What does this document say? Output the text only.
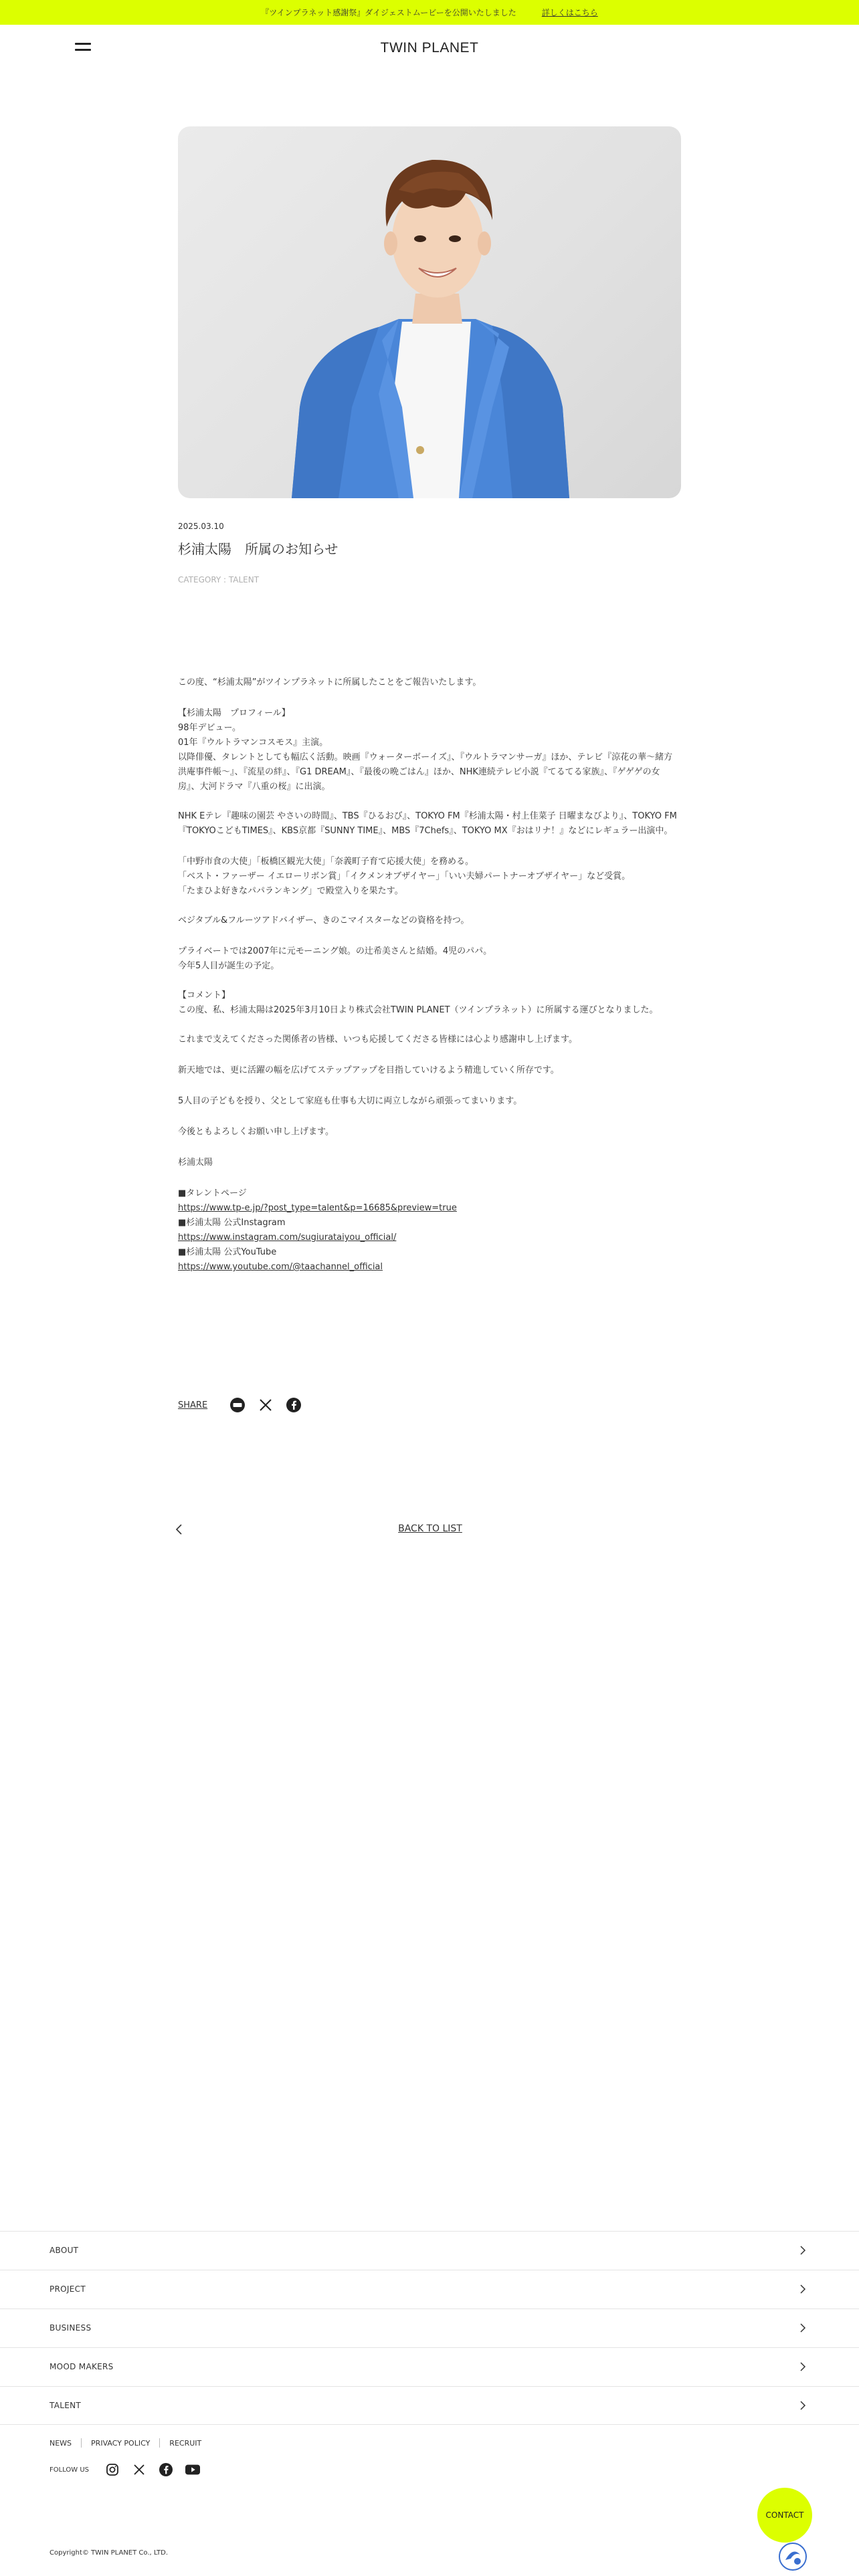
『ツインプラネット感謝祭』ダイジェストムービーを公開いたしました	詳しくはこちら
TWIN PLANET
2025.03.10
杉浦太陽　所属のお知らせ
CATEGORY : TALENT

この度、“杉浦太陽”がツインプラネットに所属したことをご報告いたします。

【杉浦太陽　プロフィール】

98年デビュー。

01年『ウルトラマンコスモス』主演。

以降俳優、タレントとしても幅広く活動。映画『ウォーターボーイズ』、『ウルトラマンサーガ』ほか、テレビ『涼花の華～緒方洪庵事件帳～』、『流星の絆』、『G1 DREAM』、『最後の晩ごはん』ほか、NHK連続テレビ小説『てるてる家族』、『ゲゲゲの女房』、大河ドラマ『八重の桜』に出演。

NHK Eテレ『趣味の園芸 やさいの時間』、TBS『ひるおび』、TOKYO FM『杉浦太陽・村上佳菜子 日曜まなびより』、TOKYO FM『TOKYOこどもTIMES』、KBS京都『SUNNY TIME』、MBS『7Chefs』、TOKYO MX『おはリナ！』などにレギュラー出演中。

「中野市食の大使」「板橋区観光大使」「奈義町子育て応援大使」を務める。

「ベスト・ファーザー イエローリボン賞」「イクメンオブザイヤー」「いい夫婦パートナーオブザイヤー」など受賞。

「たまひよ好きなパパランキング」で殿堂入りを果たす。

ベジタブル&フルーツアドバイザー、きのこマイスターなどの資格を持つ。

プライベートでは2007年に元モーニング娘。の辻希美さんと結婚。4児のパパ。

今年5人目が誕生の予定。

【コメント】

この度、私、杉浦太陽は2025年3月10日より株式会社TWIN PLANET（ツインプラネット）に所属する運びとなりました。

これまで支えてくださった関係者の皆様、いつも応援してくださる皆様には心より感謝申し上げます。

新天地では、更に活躍の幅を広げてステップアップを目指していけるよう精進していく所存です。

5人目の子どもを授り、父として家庭も仕事も大切に両立しながら頑張ってまいります。

今後ともよろしくお願い申し上げます。

杉浦太陽

■タレントページ

https://www.tp-e.jp/?post_type=talent&p=16685&preview=true

■杉浦太陽 公式Instagram

https://www.instagram.com/sugiurataiyou_official/

■杉浦太陽 公式YouTube

https://www.youtube.com/@taachannel_official

SHARE
BACK TO LIST
ABOUT
PROJECT
BUSINESS
MOOD MAKERS
TALENT
NEWS	PRIVACY POLICY	RECRUIT
FOLLOW US
CONTACT
Copyright© TWIN PLANET Co., LTD.
